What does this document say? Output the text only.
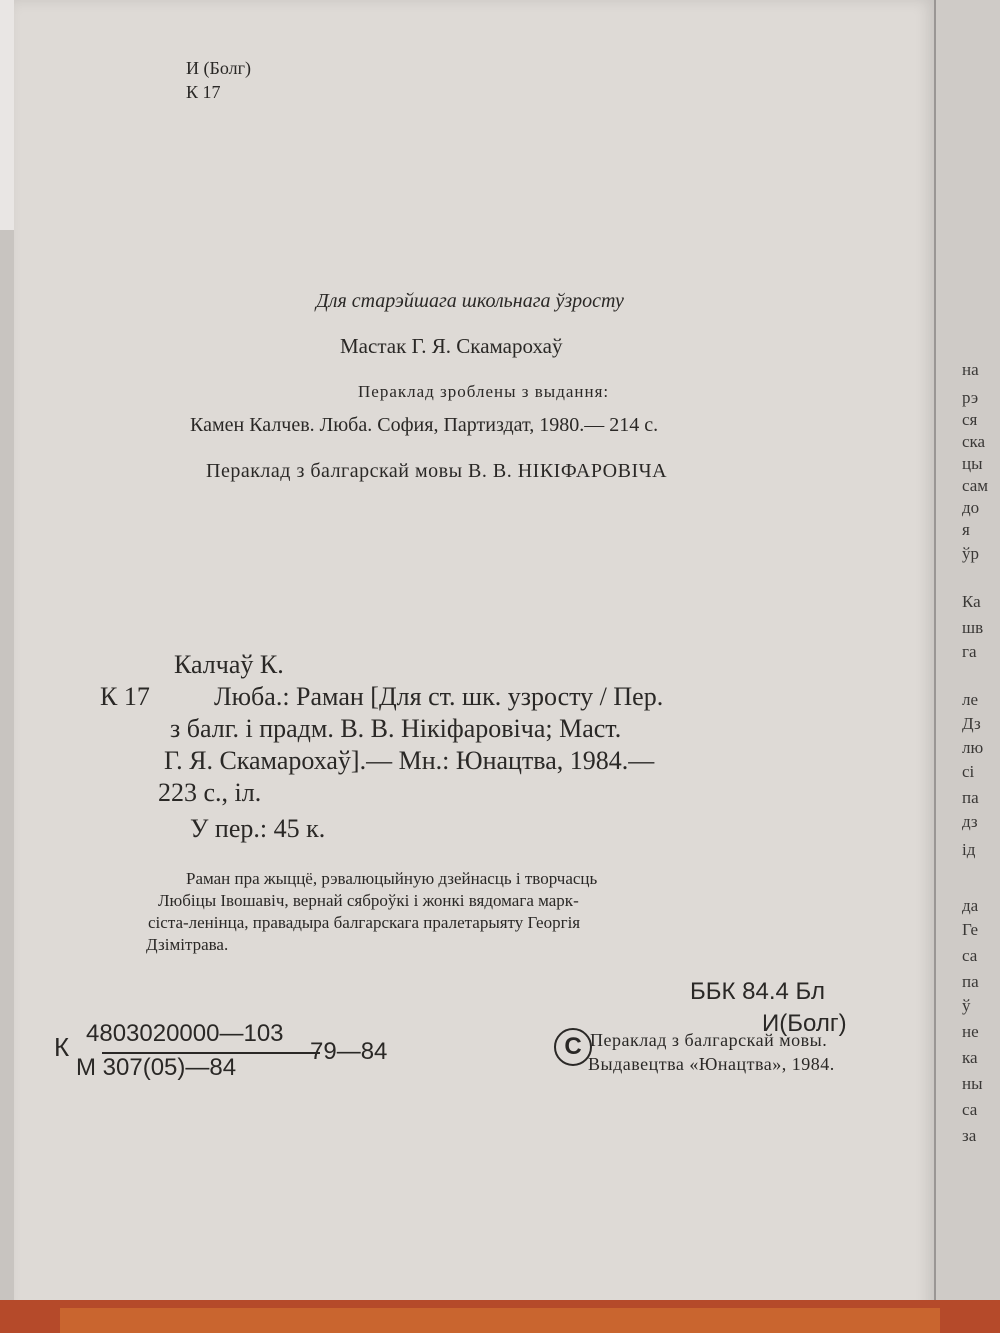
И (Болг)
К 17
Для старэйшага школьнага ўзросту
Мастак Г. Я. Скамарохаў
Пераклад зроблены з выдання:
Камен Калчев. Люба. София, Партиздат, 1980.— 214 с.
Пераклад з балгарскай мовы В. В. НІКІФАРОВІЧА
Калчаў К.
К 17 Люба.: Раман [Для ст. шк. узросту / Пер.
з балг. і прадм. В. В. Нікіфаровіча; Маст.
Г. Я. Скамарохаў].— Мн.: Юнацтва, 1984.—
223 с., іл.
У пер.: 45 к.
Раман пра жыццё, рэвалюцыйную дзейнасць і творчасць
Любіцы Івошавіч, вернай сяброўкі і жонкі вядомага марк-
сіста-ленінца, правадыра балгарскага пралетарыяту Георгія
Дзімітрава.
ББК 84.4 Бл
И(Болг)
К 4803020000—103
М 307(05)—84
79—84	C Пераклад з балгарскай мовы.
Выдавецтва «Юнацтва», 1984.
на
рэ
ся
ска
цы
сам
до
я
ўр
Ка
шв
га
ле
Дз
лю
сі
па
дз
ід
да
Ге
са
па
ў
не
ка
ны
са
за
